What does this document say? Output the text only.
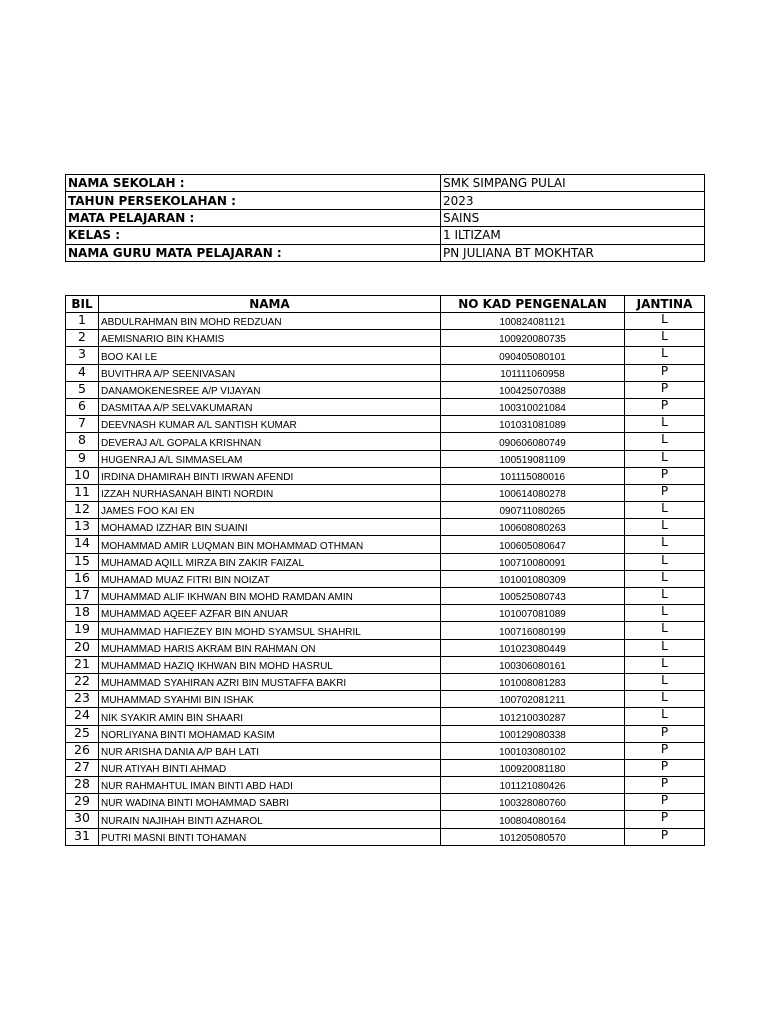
NAMA SEKOLAH :	SMK SIMPANG PULAI
TAHUN PERSEKOLAHAN :	2023
MATA PELAJARAN :	SAINS
KELAS :	1 ILTIZAM
NAMA GURU MATA PELAJARAN :	PN JULIANA BT MOKHTAR
BIL	NAMA	NO KAD PENGENALAN	JANTINA
1	ABDULRAHMAN BIN MOHD REDZUAN	100824081121	L
2	AEMISNARIO BIN KHAMIS	100920080735	L
3	BOO KAI LE	090405080101	L
4	BUVITHRA A/P SEENIVASAN	101111060958	P
5	DANAMOKENESREE A/P VIJAYAN	100425070388	P
6	DASMITAA A/P SELVAKUMARAN	100310021084	P
7	DEEVNASH KUMAR A/L SANTISH KUMAR	101031081089	L
8	DEVERAJ A/L GOPALA KRISHNAN	090606080749	L
9	HUGENRAJ A/L SIMMASELAM	100519081109	L
10	IRDINA DHAMIRAH BINTI IRWAN AFENDI	101115080016	P
11	IZZAH NURHASANAH BINTI NORDIN	100614080278	P
12	JAMES FOO KAI EN	090711080265	L
13	MOHAMAD IZZHAR BIN SUAINI	100608080263	L
14	MOHAMMAD AMIR LUQMAN BIN MOHAMMAD OTHMAN	100605080647	L
15	MUHAMAD AQILL MIRZA BIN ZAKIR FAIZAL	100710080091	L
16	MUHAMAD MUAZ FITRI BIN NOIZAT	101001080309	L
17	MUHAMMAD ALIF IKHWAN BIN MOHD RAMDAN AMIN	100525080743	L
18	MUHAMMAD AQEEF AZFAR BIN ANUAR	101007081089	L
19	MUHAMMAD HAFIEZEY BIN MOHD SYAMSUL SHAHRIL	100716080199	L
20	MUHAMMAD HARIS AKRAM BIN RAHMAN ON	101023080449	L
21	MUHAMMAD HAZIQ IKHWAN BIN MOHD HASRUL	100306080161	L
22	MUHAMMAD SYAHIRAN AZRI BIN MUSTAFFA BAKRI	101008081283	L
23	MUHAMMAD SYAHMI BIN ISHAK	100702081211	L
24	NIK SYAKIR AMIN BIN SHAARI	101210030287	L
25	NORLIYANA BINTI MOHAMAD KASIM	100129080338	P
26	NUR ARISHA DANIA A/P BAH LATI	100103080102	P
27	NUR ATIYAH BINTI AHMAD	100920081180	P
28	NUR RAHMAHTUL IMAN BINTI ABD HADI	101121080426	P
29	NUR WADINA BINTI MOHAMMAD SABRI	100328080760	P
30	NURAIN NAJIHAH BINTI AZHAROL	100804080164	P
31	PUTRI MASNI BINTI TOHAMAN	101205080570	P
